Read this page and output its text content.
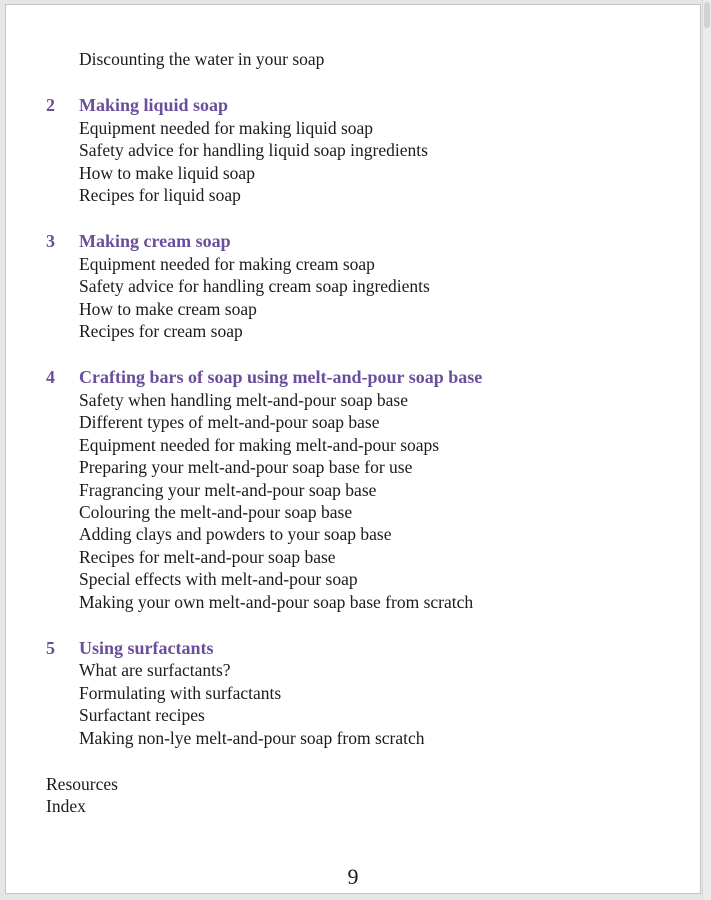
Discounting the water in your soap
2 Making liquid soap
Equipment needed for making liquid soap
Safety advice for handling liquid soap ingredients
How to make liquid soap
Recipes for liquid soap
3 Making cream soap
Equipment needed for making cream soap
Safety advice for handling cream soap ingredients
How to make cream soap
Recipes for cream soap
4 Crafting bars of soap using melt-and-pour soap base
Safety when handling melt-and-pour soap base
Different types of melt-and-pour soap base
Equipment needed for making melt-and-pour soaps
Preparing your melt-and-pour soap base for use
Fragrancing your melt-and-pour soap base
Colouring the melt-and-pour soap base
Adding clays and powders to your soap base
Recipes for melt-and-pour soap base
Special effects with melt-and-pour soap
Making your own melt-and-pour soap base from scratch
5 Using surfactants
What are surfactants?
Formulating with surfactants
Surfactant recipes
Making non-lye melt-and-pour soap from scratch
Resources
Index
9
